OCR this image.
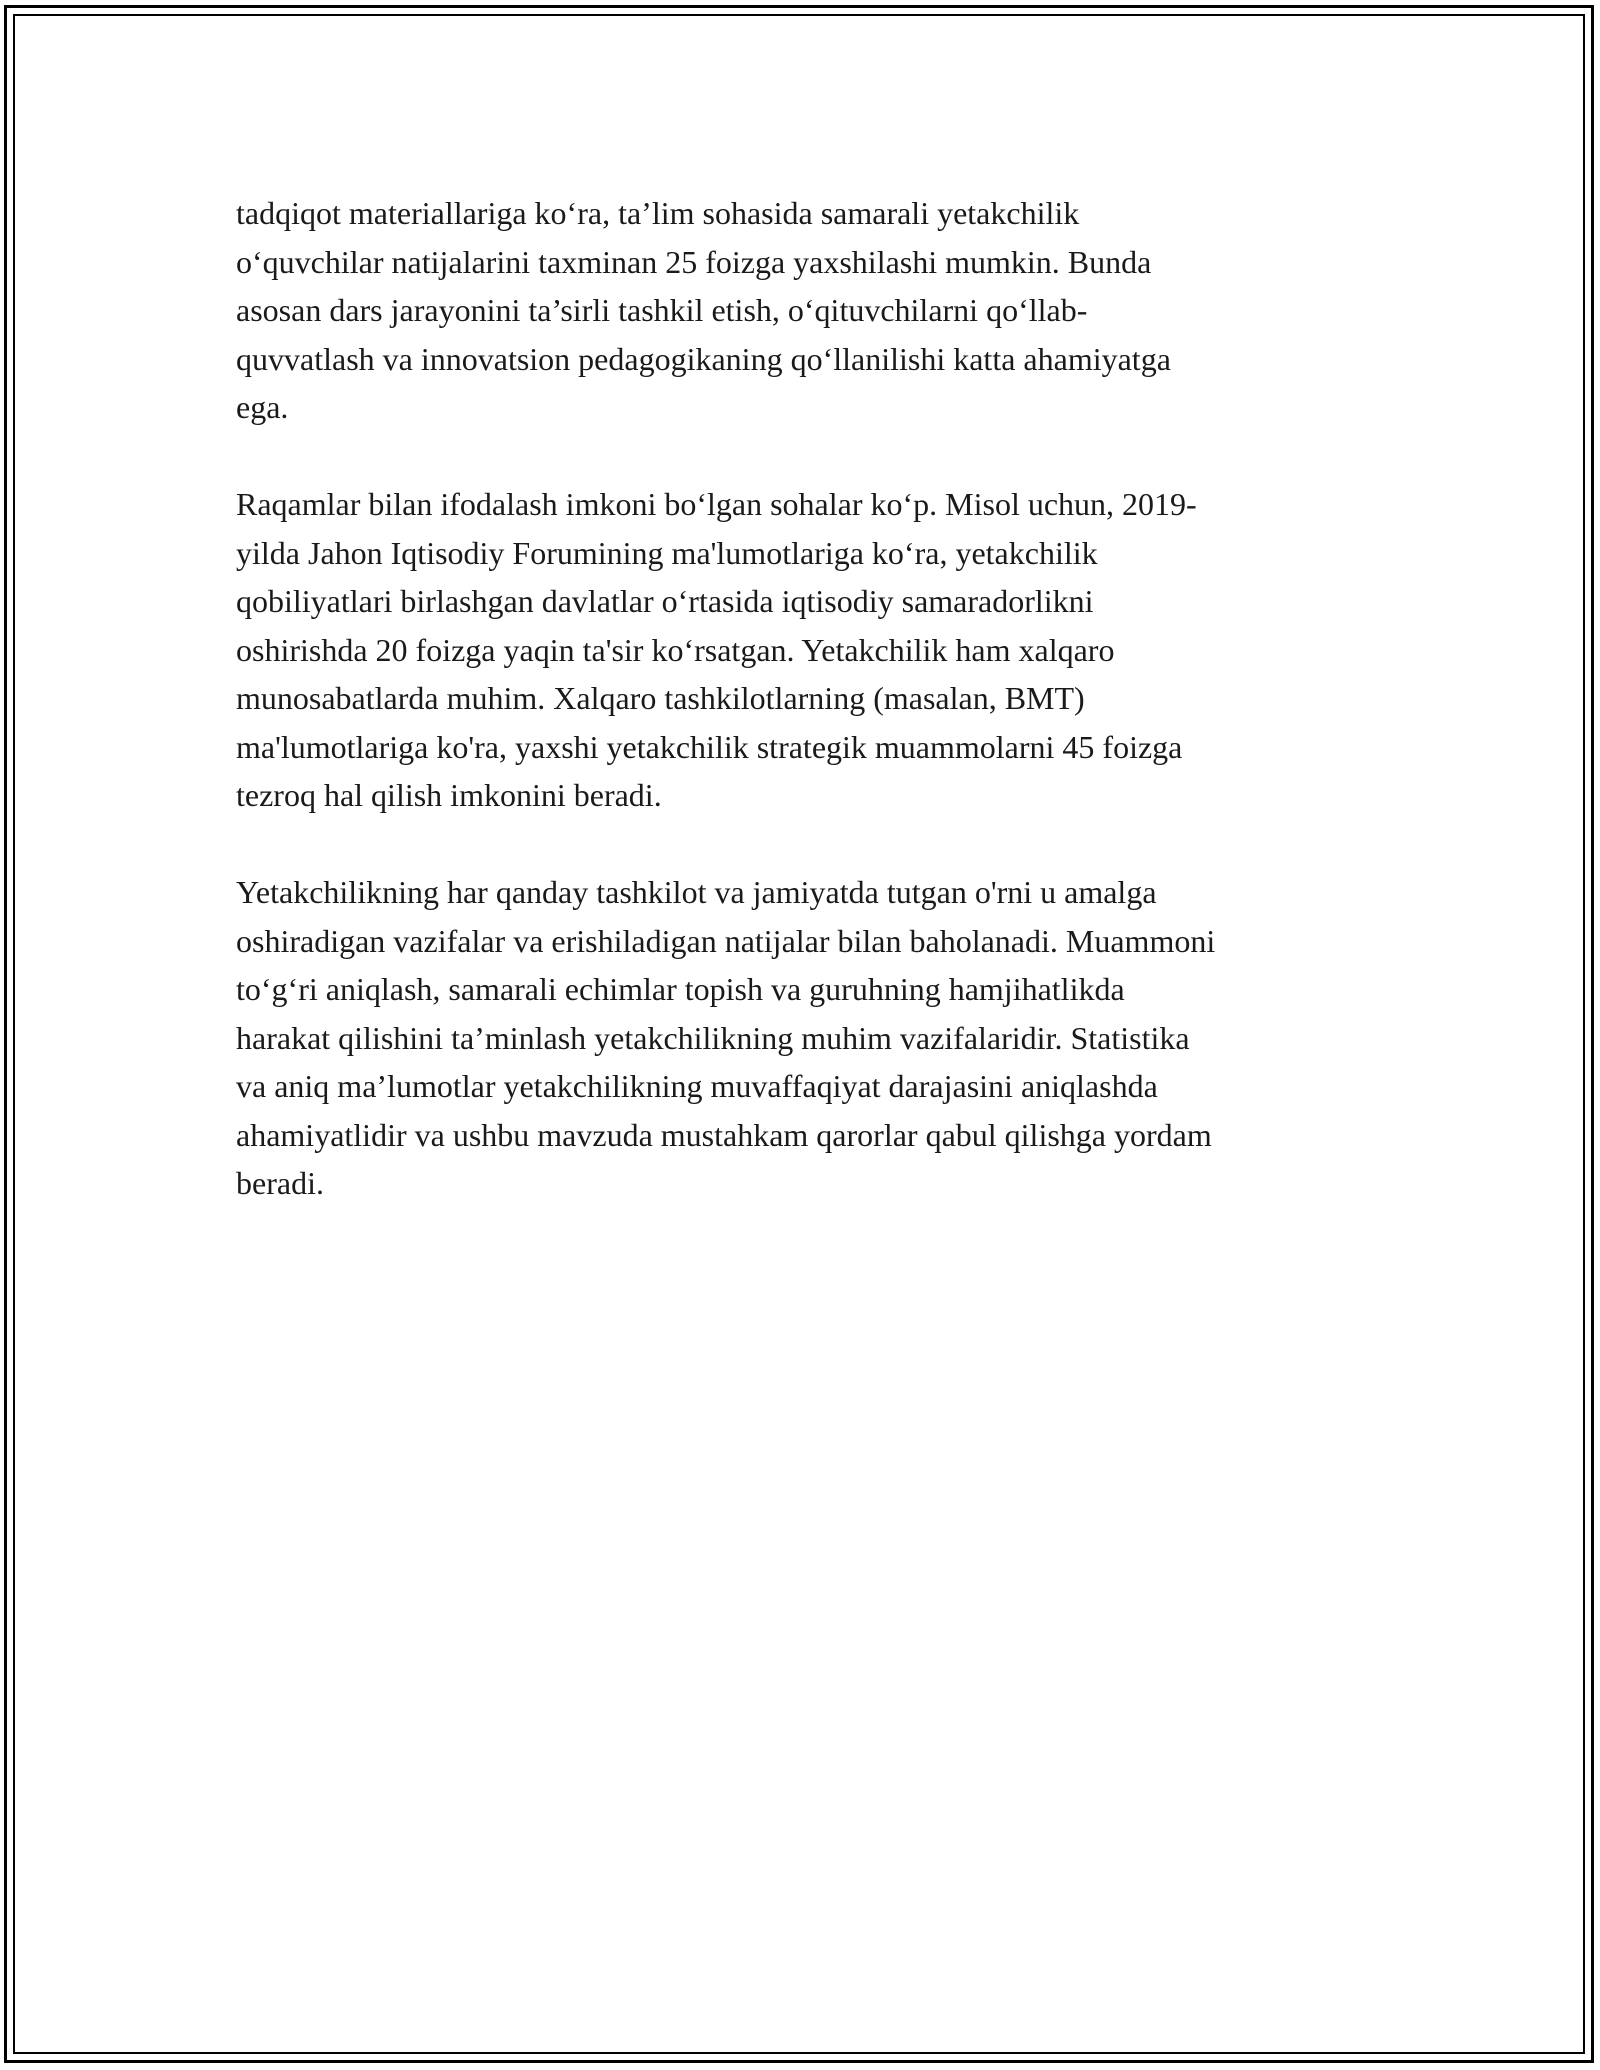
tadqiqot materiallariga ko‘ra, ta’lim sohasida samarali yetakchilik
o‘quvchilar natijalarini taxminan 25 foizga yaxshilashi mumkin. Bunda
asosan dars jarayonini ta’sirli tashkil etish, o‘qituvchilarni qo‘llab-
quvvatlash va innovatsion pedagogikaning qo‘llanilishi katta ahamiyatga
ega.

Raqamlar bilan ifodalash imkoni bo‘lgan sohalar ko‘p. Misol uchun, 2019-
yilda Jahon Iqtisodiy Forumining ma'lumotlariga ko‘ra, yetakchilik
qobiliyatlari birlashgan davlatlar o‘rtasida iqtisodiy samaradorlikni
oshirishda 20 foizga yaqin ta'sir ko‘rsatgan. Yetakchilik ham xalqaro
munosabatlarda muhim. Xalqaro tashkilotlarning (masalan, BMT)
ma'lumotlariga ko'ra, yaxshi yetakchilik strategik muammolarni 45 foizga
tezroq hal qilish imkonini beradi.

Yetakchilikning har qanday tashkilot va jamiyatda tutgan o'rni u amalga
oshiradigan vazifalar va erishiladigan natijalar bilan baholanadi. Muammoni
to‘g‘ri aniqlash, samarali echimlar topish va guruhning hamjihatlikda
harakat qilishini ta’minlash yetakchilikning muhim vazifalaridir. Statistika
va aniq ma’lumotlar yetakchilikning muvaffaqiyat darajasini aniqlashda
ahamiyatlidir va ushbu mavzuda mustahkam qarorlar qabul qilishga yordam
beradi.
